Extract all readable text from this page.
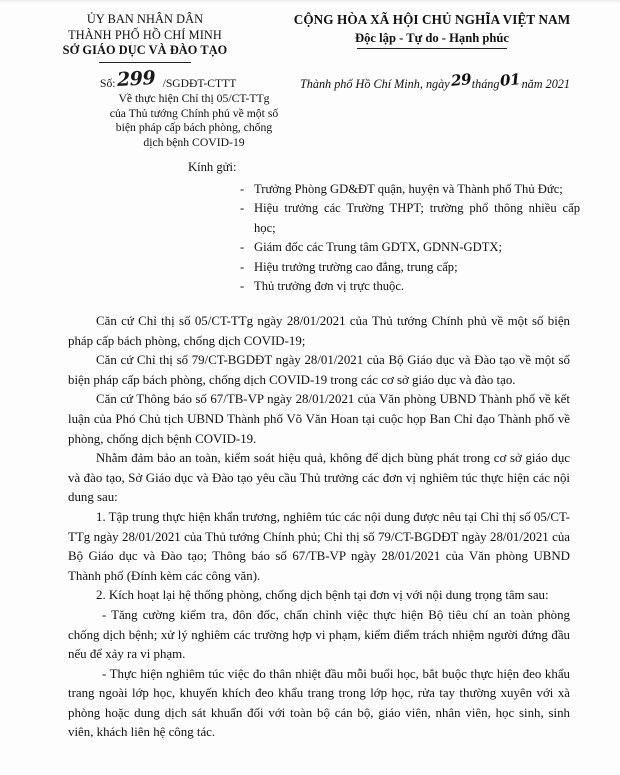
ỦY BAN NHÂN DÂN
THÀNH PHỐ HỒ CHÍ MINH
SỞ GIÁO DỤC VÀ ĐÀO TẠO
CỘNG HÒA XÃ HỘI CHỦ NGHĨA VIỆT NAM
Độc lập - Tự do - Hạnh phúc
Số: 299 /SGDĐT-CTTT	Thành phố Hồ Chí Minh, ngày 29 tháng 01 năm 2021
Về thực hiện Chỉ thị 05/CT-TTg
của Thủ tướng Chính phủ về một số
biện pháp cấp bách phòng, chống
dịch bệnh COVID-19
Kính gửi:
- Trưởng Phòng GD&ĐT quận, huyện và Thành phố Thủ Đức;
- Hiệu trưởng các Trường THPT; trường phổ thông nhiều cấp học;
- Giám đốc các Trung tâm GDTX, GDNN-GDTX;
- Hiệu trưởng trường cao đẳng, trung cấp;
- Thủ trưởng đơn vị trực thuộc.

Căn cứ Chỉ thị số 05/CT-TTg ngày 28/01/2021 của Thủ tướng Chính phủ về một số biện pháp cấp bách phòng, chống dịch COVID-19;

Căn cứ Chỉ thị số 79/CT-BGDĐT ngày 28/01/2021 của Bộ Giáo dục và Đào tạo về một số biện pháp cấp bách phòng, chống dịch COVID-19 trong các cơ sở giáo dục và đào tạo.

Căn cứ Thông báo số 67/TB-VP ngày 28/01/2021 của Văn phòng UBND Thành phố về kết luận của Phó Chủ tịch UBND Thành phố Võ Văn Hoan tại cuộc họp Ban Chỉ đạo Thành phố về phòng, chống dịch bệnh COVID-19.

Nhằm đảm bảo an toàn, kiểm soát hiệu quả, không để dịch bùng phát trong cơ sở giáo dục và đào tạo, Sở Giáo dục và Đào tạo yêu cầu Thủ trưởng các đơn vị nghiêm túc thực hiện các nội dung sau:

1. Tập trung thực hiện khẩn trương, nghiêm túc các nội dung được nêu tại Chỉ thị số 05/CT-TTg ngày 28/01/2021 của Thủ tướng Chính phủ; Chỉ thị số 79/CT-BGDĐT ngày 28/01/2021 của Bộ Giáo dục và Đào tạo; Thông báo số 67/TB-VP ngày 28/01/2021 của Văn phòng UBND Thành phố (Đính kèm các công văn).

2. Kích hoạt lại hệ thống phòng, chống dịch bệnh tại đơn vị với nội dung trọng tâm sau:

- Tăng cường kiểm tra, đôn đốc, chấn chỉnh việc thực hiện Bộ tiêu chí an toàn phòng chống dịch bệnh; xử lý nghiêm các trường hợp vi phạm, kiểm điểm trách nhiệm người đứng đầu nếu để xảy ra vi phạm.

- Thực hiện nghiêm túc việc đo thân nhiệt đầu mỗi buổi học, bắt buộc thực hiện đeo khẩu trang ngoài lớp học, khuyến khích đeo khẩu trang trong lớp học, rửa tay thường xuyên với xà phòng hoặc dung dịch sát khuẩn đối với toàn bộ cán bộ, giáo viên, nhân viên, học sinh, sinh viên, khách liên hệ công tác.
